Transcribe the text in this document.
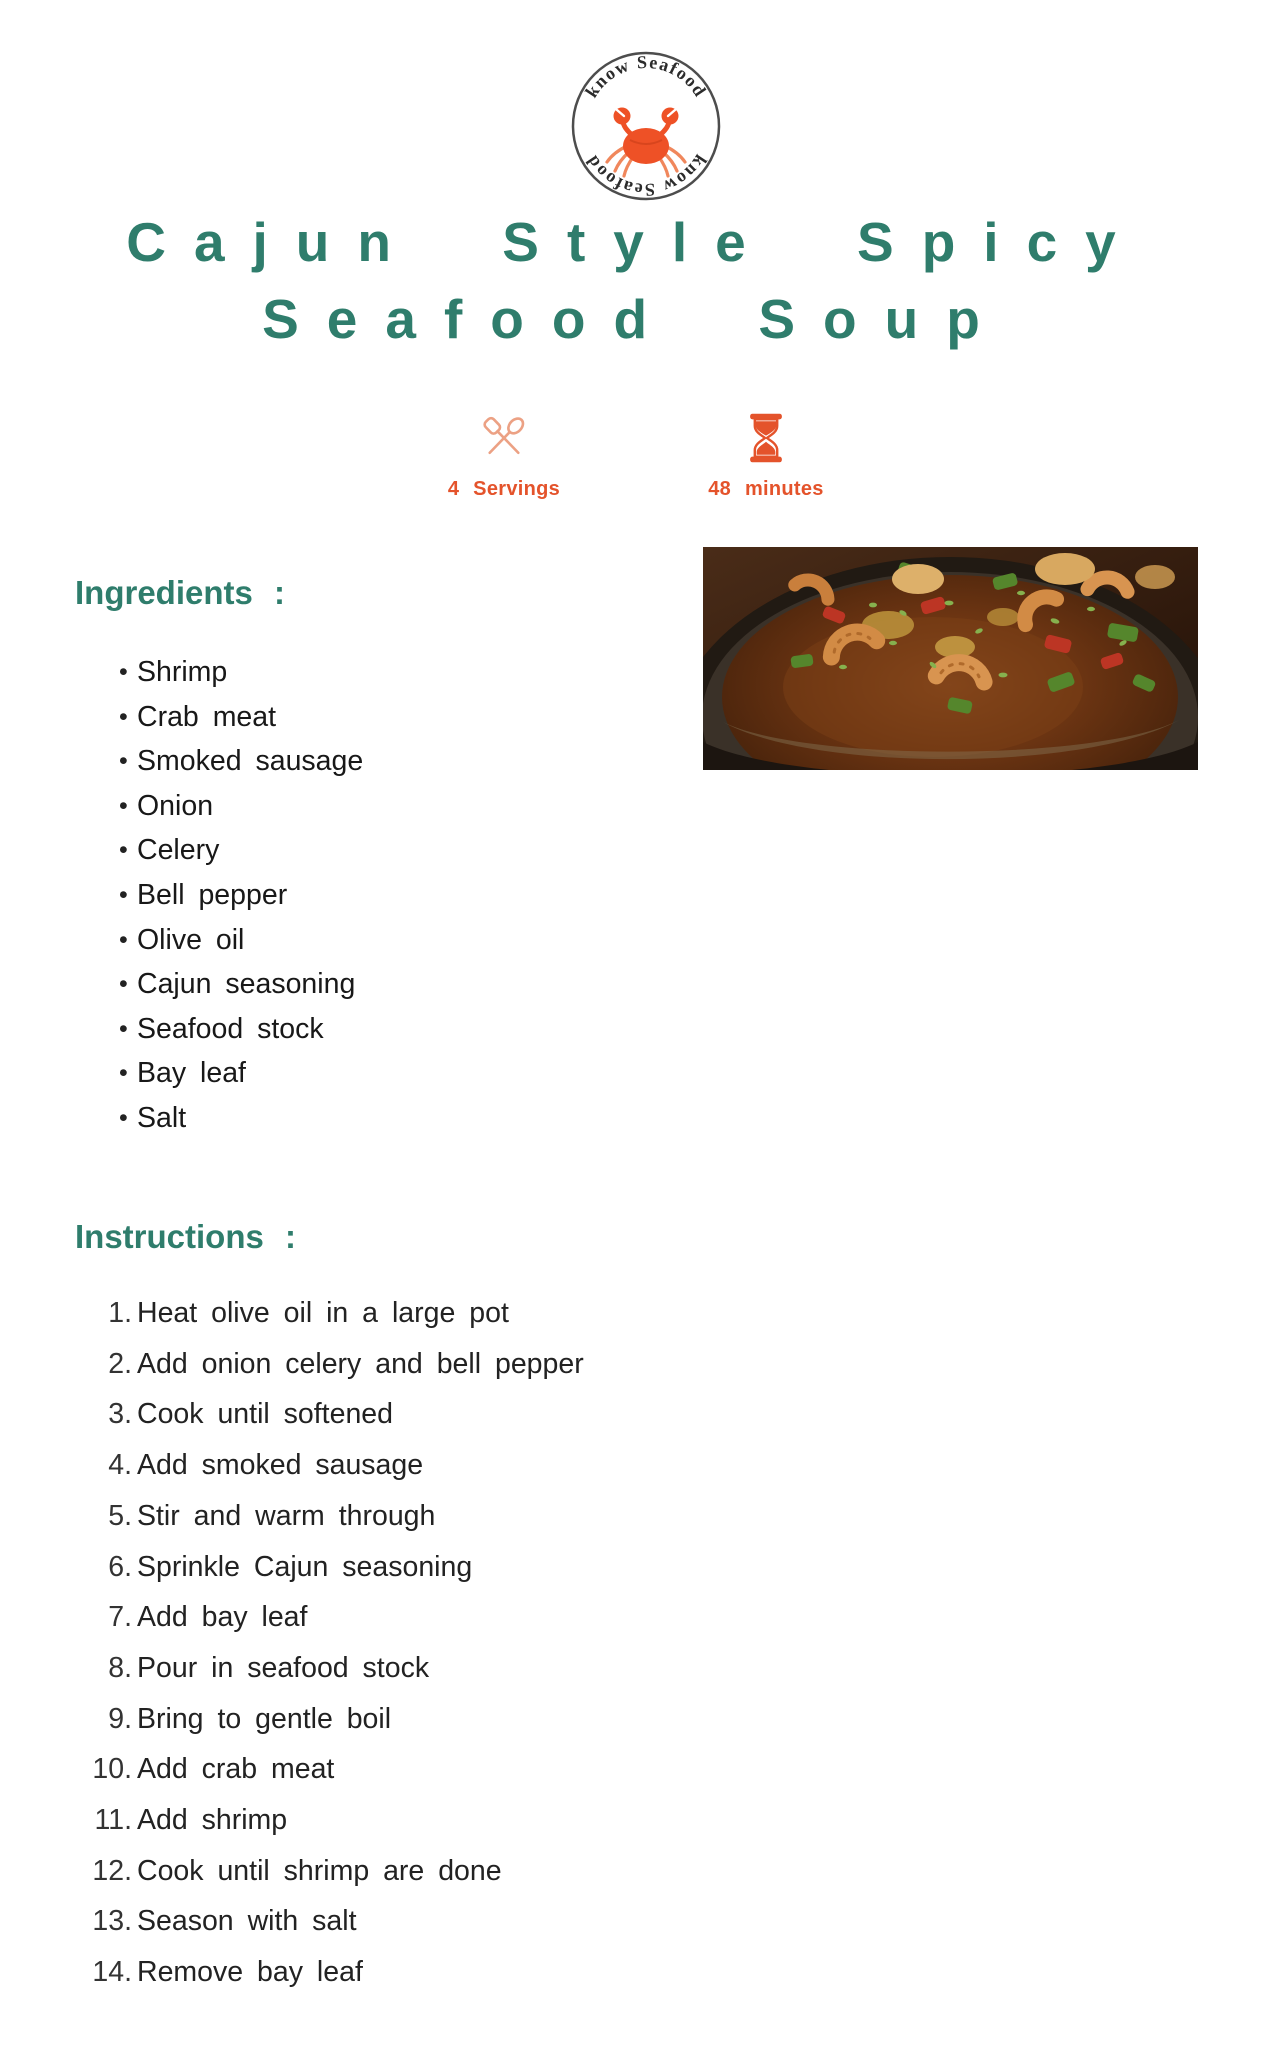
know Seafood
know Seafood
Cajun Style Spicy
Seafood Soup
4 Servings	48 minutes
Ingredients :
• Shrimp
• Crab meat
• Smoked sausage
• Onion
• Celery
• Bell pepper
• Olive oil
• Cajun seasoning
• Seafood stock
• Bay leaf
• Salt
Instructions :
Heat olive oil in a large pot
Add onion celery and bell pepper
Cook until softened
Add smoked sausage
Stir and warm through
Sprinkle Cajun seasoning
Add bay leaf
Pour in seafood stock
Bring to gentle boil
Add crab meat
Add shrimp
Cook until shrimp are done
Season with salt
Remove bay leaf
